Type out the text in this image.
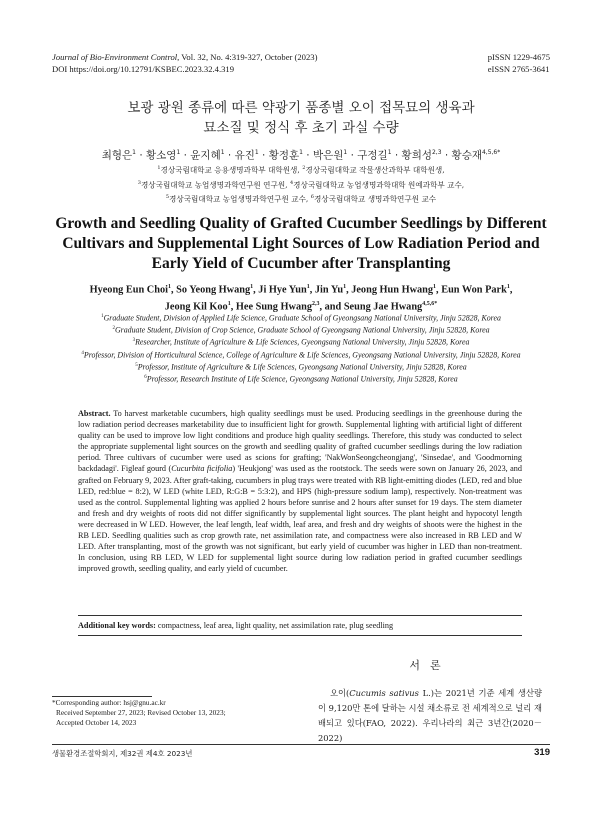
Journal of Bio-Environment Control, Vol. 32, No. 4:319-327, October (2023)
DOI https://doi.org/10.12791/KSBEC.2023.32.4.319
pISSN 1229-4675
eISSN 2765-3641
보광 광원 종류에 따른 약광기 품종별 오이 접목묘의 생육과
묘소질 및 정식 후 초기 과실 수량
최형은$^1$ · 황소영$^1$ · 윤지혜$^1$ · 유진$^1$ · 황정훈$^1$ · 박은원$^1$ · 구정길$^1$ · 황희성$^{2,3}$ · 황승재$^{4,5,6*}$
$^1$경상국립대학교 응용생명과학부 대학원생, $^2$경상국립대학교 작물생산과학부 대학원생,
$^3$경상국립대학교 농업생명과학연구원 연구원, $^4$경상국립대학교 농업생명과학대학 원예과학부 교수,
$^5$경상국립대학교 농업생명과학연구원 교수, $^6$경상국립대학교 생명과학연구원 교수
Growth and Seedling Quality of Grafted Cucumber Seedlings by Different
Cultivars and Supplemental Light Sources of Low Radiation Period and
Early Yield of Cucumber after Transplanting
Hyeong Eun Choi$^1$, So Yeong Hwang$^1$, Ji Hye Yun$^1$, Jin Yu$^1$, Jeong Hun Hwang$^1$, Eun Won Park$^1$,
Jeong Kil Koo$^1$, Hee Sung Hwang$^{2,3}$, and Seung Jae Hwang$^{4,5,6*}$
$^1$Graduate Student, Division of Applied Life Science, Graduate School of Gyeongsang National University, Jinju 52828, Korea
$^2$Graduate Student, Division of Crop Science, Graduate School of Gyeongsang National University, Jinju 52828, Korea
$^3$Researcher, Institute of Agriculture & Life Sciences, Gyeongsang National University, Jinju 52828, Korea
$^4$Professor, Division of Horticultural Science, College of Agriculture & Life Sciences, Gyeongsang National University, Jinju 52828, Korea
$^5$Professor, Institute of Agriculture & Life Sciences, Gyeongsang National University, Jinju 52828, Korea
$^6$Professor, Research Institute of Life Science, Gyeongsang National University, Jinju 52828, Korea
Abstract. To harvest marketable cucumbers, high quality seedlings must be used. Producing seedlings in the greenhouse during the low radiation period decreases marketability due to insufficient light for growth. Supplemental lighting with artificial light of different quality can be used to improve low light conditions and produce high quality seedlings. Therefore, this study was conducted to select the appropriate supplemental light sources on the growth and seedling quality of grafted cucumber seedlings during the low radiation period. Three cultivars of cucumber were used as scions for grafting; 'NakWonSeongcheongjang', 'Sinsedae', and 'Goodmorning backdadagi'. Figleaf gourd (Cucurbita ficifolia) 'Heukjong' was used as the rootstock. The seeds were sown on January 26, 2023, and grafted on February 9, 2023. After graft-taking, cucumbers in plug trays were treated with RB light-emitting diodes (LED, red and blue LED, red:blue = 8:2), W LED (white LED, R:G:B = 5:3:2), and HPS (high-pressure sodium lamp), respectively. Non-treatment was used as the control. Supplemental lighting was applied 2 hours before sunrise and 2 hours after sunset for 19 days. The stem diameter and fresh and dry weights of roots did not differ significantly by supplemental light sources. The plant height and hypocotyl length were decreased in W LED. However, the leaf length, leaf width, leaf area, and fresh and dry weights of shoots were the highest in the RB LED. Seedling qualities such as crop growth rate, net assimilation rate, and compactness were also increased in RB LED and W LED. After transplanting, most of the growth was not significant, but early yield of cucumber was higher in LED than non-treatment. In conclusion, using RB LED, W LED for supplemental light source during low radiation period in grafted cucumber seedlings improved growth, seedling quality, and early yield of cucumber.
Additional key words: compactness, leaf area, light quality, net assimilation rate, plug seedling
서론
오이(Cucumis sativus L.)는 2021년 기준 세계 생산량이 9,120만 톤에 달하는 시설 채소류로 전 세계적으로 널리 재배되고 있다(FAO, 2022). 우리나라의 최근 3년간(2020－2022)
*Corresponding author: hsj@gnu.ac.kr
Received September 27, 2023; Revised October 13, 2023;
Accepted October 14, 2023
생물환경조절학회지, 제32권 제4호 2023년	319
